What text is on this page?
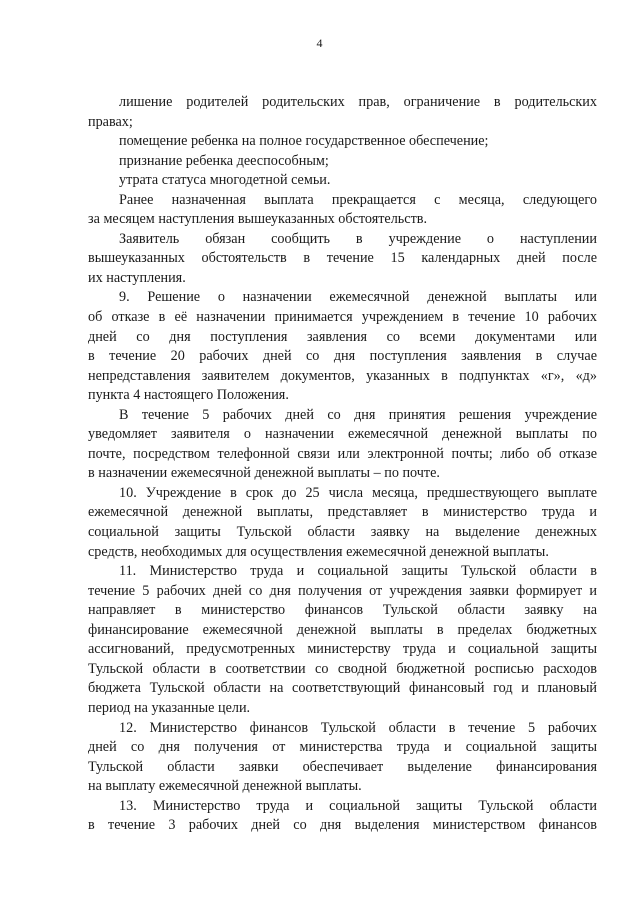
4
лишение родителей родительских прав, ограничение в родительских
правах;
помещение ребенка на полное государственное обеспечение;
признание ребенка дееспособным;
утрата статуса многодетной семьи.
Ранее назначенная выплата прекращается с месяца, следующего
за месяцем наступления вышеуказанных обстоятельств.
Заявитель обязан сообщить в учреждение о наступлении
вышеуказанных обстоятельств в течение 15 календарных дней после
их наступления.
9. Решение о назначении ежемесячной денежной выплаты или
об отказе в её назначении принимается учреждением в течение 10 рабочих
дней со дня поступления заявления со всеми документами или
в течение 20 рабочих дней со дня поступления заявления в случае
непредставления заявителем документов, указанных в подпунктах «г», «д»
пункта 4 настоящего Положения.
В течение 5 рабочих дней со дня принятия решения учреждение
уведомляет заявителя о назначении ежемесячной денежной выплаты по
почте, посредством телефонной связи или электронной почты; либо об отказе
в назначении ежемесячной денежной выплаты – по почте.
10. Учреждение в срок до 25 числа месяца, предшествующего выплате
ежемесячной денежной выплаты, представляет в министерство труда и
социальной защиты Тульской области заявку на выделение денежных
средств, необходимых для осуществления ежемесячной денежной выплаты.
11. Министерство труда и социальной защиты Тульской области в
течение 5 рабочих дней со дня получения от учреждения заявки формирует и
направляет в министерство финансов Тульской области заявку на
финансирование ежемесячной денежной выплаты в пределах бюджетных
ассигнований, предусмотренных министерству труда и социальной защиты
Тульской области в соответствии со сводной бюджетной росписью расходов
бюджета Тульской области на соответствующий финансовый год и плановый
период на указанные цели.
12. Министерство финансов Тульской области в течение 5 рабочих
дней со дня получения от министерства труда и социальной защиты
Тульской области заявки обеспечивает выделение финансирования
на выплату ежемесячной денежной выплаты.
13. Министерство труда и социальной защиты Тульской области
в течение 3 рабочих дней со дня выделения министерством финансов
